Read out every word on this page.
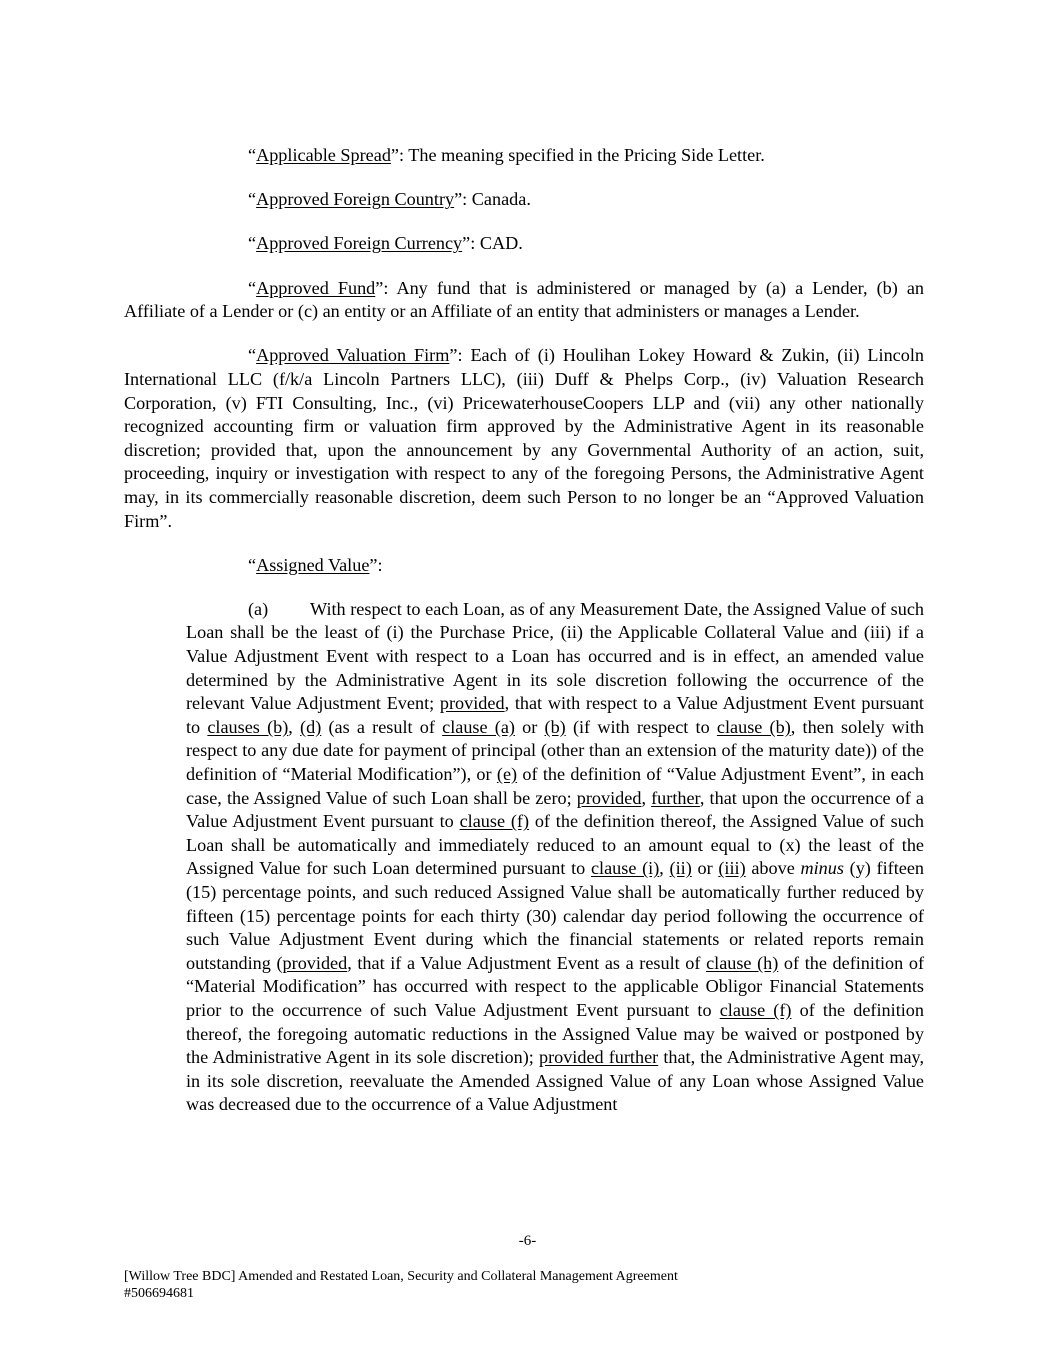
“Applicable Spread”: The meaning specified in the Pricing Side Letter.

“Approved Foreign Country”: Canada.

“Approved Foreign Currency”: CAD.

“Approved Fund”: Any fund that is administered or managed by (a) a Lender, (b) an Affiliate of a Lender or (c) an entity or an Affiliate of an entity that administers or manages a Lender.

“Approved Valuation Firm”: Each of (i) Houlihan Lokey Howard & Zukin, (ii) Lincoln International LLC (f/k/a Lincoln Partners LLC), (iii) Duff & Phelps Corp., (iv) Valuation Research Corporation, (v) FTI Consulting, Inc., (vi) PricewaterhouseCoopers LLP and (vii) any other nationally recognized accounting firm or valuation firm approved by the Administrative Agent in its reasonable discretion; provided that, upon the announcement by any Governmental Authority of an action, suit, proceeding, inquiry or investigation with respect to any of the foregoing Persons, the Administrative Agent may, in its commercially reasonable discretion, deem such Person to no longer be an “Approved Valuation Firm”.

“Assigned Value”:

(a) With respect to each Loan, as of any Measurement Date, the Assigned Value of such Loan shall be the least of (i) the Purchase Price, (ii) the Applicable Collateral Value and (iii) if a Value Adjustment Event with respect to a Loan has occurred and is in effect, an amended value determined by the Administrative Agent in its sole discretion following the occurrence of the relevant Value Adjustment Event; provided, that with respect to a Value Adjustment Event pursuant to clauses (b), (d) (as a result of clause (a) or (b) (if with respect to clause (b), then solely with respect to any due date for payment of principal (other than an extension of the maturity date)) of the definition of “Material Modification”), or (e) of the definition of “Value Adjustment Event”, in each case, the Assigned Value of such Loan shall be zero; provided, further, that upon the occurrence of a Value Adjustment Event pursuant to clause (f) of the definition thereof, the Assigned Value of such Loan shall be automatically and immediately reduced to an amount equal to (x) the least of the Assigned Value for such Loan determined pursuant to clause (i), (ii) or (iii) above minus (y) fifteen (15) percentage points, and such reduced Assigned Value shall be automatically further reduced by fifteen (15) percentage points for each thirty (30) calendar day period following the occurrence of such Value Adjustment Event during which the financial statements or related reports remain outstanding (provided, that if a Value Adjustment Event as a result of clause (h) of the definition of “Material Modification” has occurred with respect to the applicable Obligor Financial Statements prior to the occurrence of such Value Adjustment Event pursuant to clause (f) of the definition thereof, the foregoing automatic reductions in the Assigned Value may be waived or postponed by the Administrative Agent in its sole discretion); provided further that, the Administrative Agent may, in its sole discretion, reevaluate the Amended Assigned Value of any Loan whose Assigned Value was decreased due to the occurrence of a Value Adjustment

-6-
[Willow Tree BDC] Amended and Restated Loan, Security and Collateral Management Agreement
#506694681
